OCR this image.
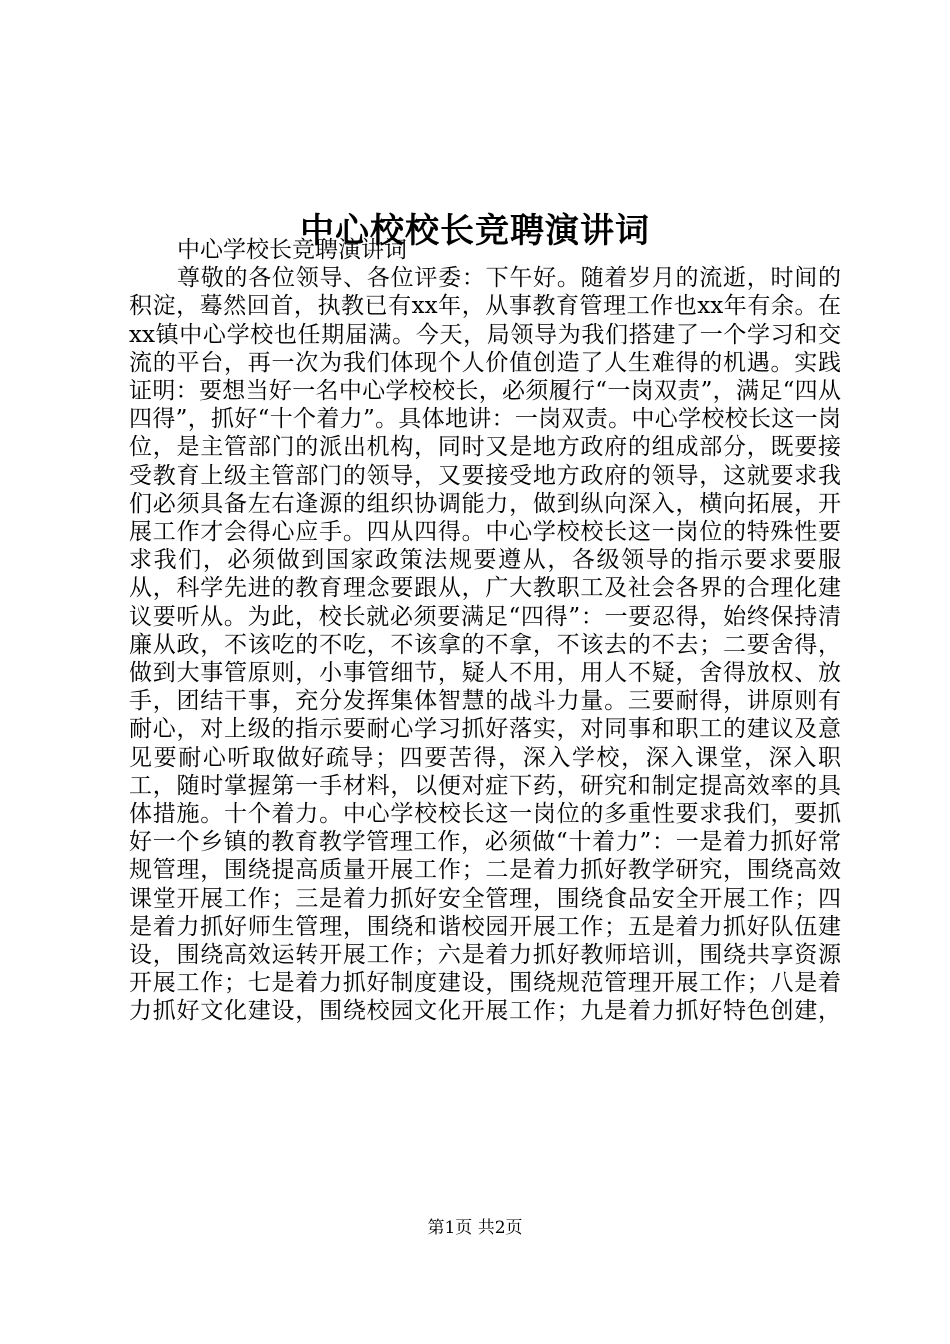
中心校校长竞聘演讲词

中心学校长竞聘演讲词

尊敬的各位领导、各位评委：下午好。随着岁月的流逝，时间的积淀，蓦然回首，执教已有xx年，从事教育管理工作也xx年有余。在xx镇中心学校也任期届满。今天，局领导为我们搭建了一个学习和交流的平台，再一次为我们体现个人价值创造了人生难得的机遇。实践证明：要想当好一名中心学校校长，必须履行“一岗双责”，满足“四从四得”，抓好“十个着力”。具体地讲：一岗双责。中心学校校长这一岗位，是主管部门的派出机构，同时又是地方政府的组成部分，既要接受教育上级主管部门的领导，又要接受地方政府的领导，这就要求我们必须具备左右逢源的组织协调能力，做到纵向深入，横向拓展，开展工作才会得心应手。四从四得。中心学校校长这一岗位的特殊性要求我们，必须做到国家政策法规要遵从，各级领导的指示要求要服从，科学先进的教育理念要跟从，广大教职工及社会各界的合理化建议要听从。为此，校长就必须要满足“四得”：一要忍得，始终保持清廉从政，不该吃的不吃，不该拿的不拿，不该去的不去；二要舍得，做到大事管原则，小事管细节，疑人不用，用人不疑，舍得放权、放手，团结干事，充分发挥集体智慧的战斗力量。三要耐得，讲原则有耐心，对上级的指示要耐心学习抓好落实，对同事和职工的建议及意见要耐心听取做好疏导；四要苦得，深入学校，深入课堂，深入职工，随时掌握第一手材料，以便对症下药，研究和制定提高效率的具体措施。十个着力。中心学校校长这一岗位的多重性要求我们，要抓好一个乡镇的教育教学管理工作，必须做“十着力”：一是着力抓好常规管理，围绕提高质量开展工作；二是着力抓好教学研究，围绕高效课堂开展工作；三是着力抓好安全管理，围绕食品安全开展工作；四是着力抓好师生管理，围绕和谐校园开展工作；五是着力抓好队伍建设，围绕高效运转开展工作；六是着力抓好教师培训，围绕共享资源开展工作；七是着力抓好制度建设，围绕规范管理开展工作；八是着力抓好文化建设，围绕校园文化开展工作；九是着力抓好特色创建，

第1页 共2页
